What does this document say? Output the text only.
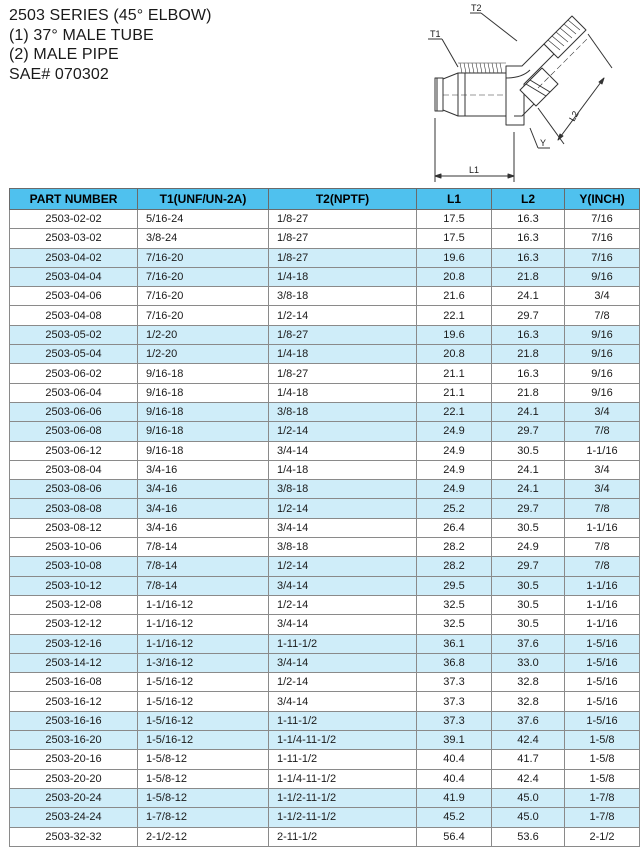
2503 SERIES (45° ELBOW)
(1) 37° MALE TUBE
(2) MALE PIPE
SAE# 070302
T2
T1
L2
Y
L1
PART NUMBER	T1(UNF/UN-2A)	T2(NPTF)	L1	L2	Y(INCH)
2503-02-02	5/16-24	1/8-27	17.5	16.3	7/16
2503-03-02	3/8-24	1/8-27	17.5	16.3	7/16
2503-04-02	7/16-20	1/8-27	19.6	16.3	7/16
2503-04-04	7/16-20	1/4-18	20.8	21.8	9/16
2503-04-06	7/16-20	3/8-18	21.6	24.1	3/4
2503-04-08	7/16-20	1/2-14	22.1	29.7	7/8
2503-05-02	1/2-20	1/8-27	19.6	16.3	9/16
2503-05-04	1/2-20	1/4-18	20.8	21.8	9/16
2503-06-02	9/16-18	1/8-27	21.1	16.3	9/16
2503-06-04	9/16-18	1/4-18	21.1	21.8	9/16
2503-06-06	9/16-18	3/8-18	22.1	24.1	3/4
2503-06-08	9/16-18	1/2-14	24.9	29.7	7/8
2503-06-12	9/16-18	3/4-14	24.9	30.5	1-1/16
2503-08-04	3/4-16	1/4-18	24.9	24.1	3/4
2503-08-06	3/4-16	3/8-18	24.9	24.1	3/4
2503-08-08	3/4-16	1/2-14	25.2	29.7	7/8
2503-08-12	3/4-16	3/4-14	26.4	30.5	1-1/16
2503-10-06	7/8-14	3/8-18	28.2	24.9	7/8
2503-10-08	7/8-14	1/2-14	28.2	29.7	7/8
2503-10-12	7/8-14	3/4-14	29.5	30.5	1-1/16
2503-12-08	1-1/16-12	1/2-14	32.5	30.5	1-1/16
2503-12-12	1-1/16-12	3/4-14	32.5	30.5	1-1/16
2503-12-16	1-1/16-12	1-11-1/2	36.1	37.6	1-5/16
2503-14-12	1-3/16-12	3/4-14	36.8	33.0	1-5/16
2503-16-08	1-5/16-12	1/2-14	37.3	32.8	1-5/16
2503-16-12	1-5/16-12	3/4-14	37.3	32.8	1-5/16
2503-16-16	1-5/16-12	1-11-1/2	37.3	37.6	1-5/16
2503-16-20	1-5/16-12	1-1/4-11-1/2	39.1	42.4	1-5/8
2503-20-16	1-5/8-12	1-11-1/2	40.4	41.7	1-5/8
2503-20-20	1-5/8-12	1-1/4-11-1/2	40.4	42.4	1-5/8
2503-20-24	1-5/8-12	1-1/2-11-1/2	41.9	45.0	1-7/8
2503-24-24	1-7/8-12	1-1/2-11-1/2	45.2	45.0	1-7/8
2503-32-32	2-1/2-12	2-11-1/2	56.4	53.6	2-1/2
